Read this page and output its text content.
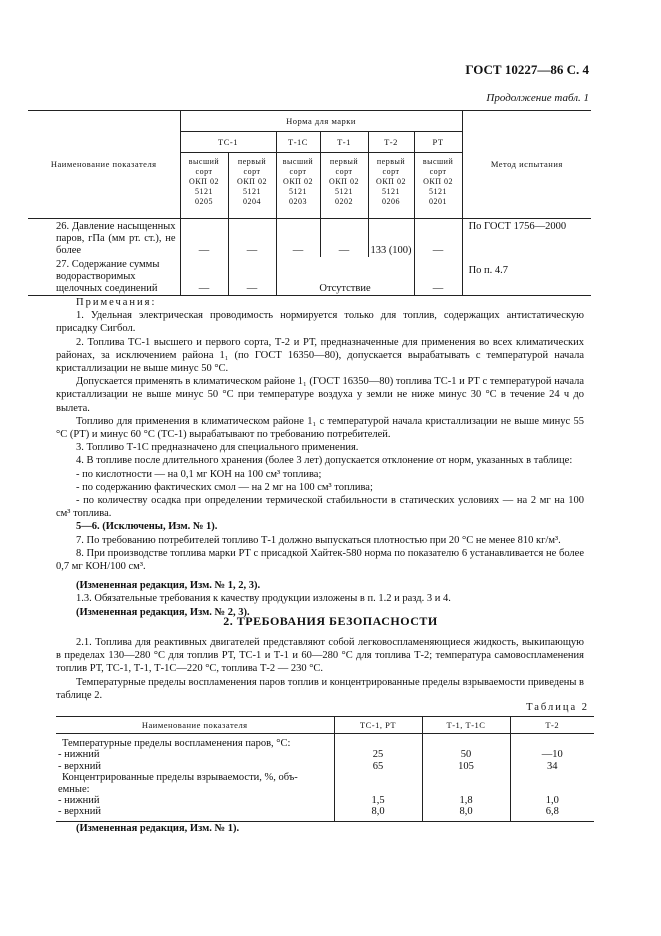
ГОСТ 10227—86 С. 4
Продолжение табл. 1
Наименование показателя	Норма для марки						Метод испытания
	ТС-1		Т-1С	Т-1	Т-2	РТ	
	высший
сорт
ОКП 02
5121
0205	первый
сорт
ОКП 02
5121
0204	высший
сорт
ОКП 02
5121
0203	первый
сорт
ОКП 02
5121
0202	первый
сорт
ОКП 02
5121
0206	высший
сорт
ОКП 02
5121
0201	
26. Давление насыщенных паров, гПа (мм рт. ст.), не более	—	—	—	—	133 (100)	—	По ГОСТ 1756—2000
27. Содержание суммы водорастворимых щелочных соединений	—	—	Отсутствие			—	По п. 4.7

Примечания:

1. Удельная электрическая проводимость нормируется только для топлив, содержащих антистатическую присадку Сигбол.

2. Топлива ТС-1 высшего и первого сорта, Т-2 и РТ, предназначенные для применения во всех климатических районах, за исключением района 1₁ (по ГОСТ 16350—80), допускается вырабатывать с температурой начала кристаллизации не выше минус 50 °С.

Допускается применять в климатическом районе 1₁ (ГОСТ 16350—80) топлива ТС-1 и РТ с температурой начала кристаллизации не выше минус 50 °С при температуре воздуха у земли не ниже минус 30 °С в течение 24 ч до вылета.

Топливо для применения в климатическом районе 1₁ с температурой начала кристаллизации не выше минус 55 °С (РТ) и минус 60 °С (ТС-1) вырабатывают по требованию потребителей.

3. Топливо Т-1С предназначено для специального применения.

4. В топливе после длительного хранения (более 3 лет) допускается отклонение от норм, указанных в таблице:

- по кислотности — на 0,1 мг КОН на 100 см³ топлива;

- по содержанию фактических смол — на 2 мг на 100 см³ топлива;

- по количеству осадка при определении термической стабильности в статических условиях — на 2 мг на 100 см³ топлива.

5—6. (Исключены, Изм. № 1).

7. По требованию потребителей топливо Т-1 должно выпускаться плотностью при 20 °С не менее 810 кг/м³.

8. При производстве топлива марки РТ с присадкой Хайтек-580 норма по показателю 6 устанавливается не более 0,7 мг КОН/100 см³.

(Измененная редакция, Изм. № 1, 2, 3).

1.3. Обязательные требования к качеству продукции изложены в п. 1.2 и разд. 3 и 4.

(Измененная редакция, Изм. № 2, 3).

2. ТРЕБОВАНИЯ БЕЗОПАСНОСТИ

2.1. Топлива для реактивных двигателей представляют собой легковоспламеняющиеся жидкость, выкипающую в пределах 130—280 °С для топлив РТ, ТС-1 и Т-1 и 60—280 °С для топлива Т-2; температура самовоспламенения топлив РТ, ТС-1, Т-1, Т-1С—220 °С, топлива Т-2 — 230 °С.

Температурные пределы воспламенения паров топлив и концентрированные пределы взрываемости приведены в таблице 2.

Таблица 2
Наименование показателя	ТС-1, РТ	Т-1, Т-1С	Т-2
Температурные пределы воспламенения паров, °С:			
- нижний	25	50	—10
- верхний	65	105	34
Концентрированные пределы взрываемости, %, объ-			
емные:			
- нижний	1,5	1,8	1,0
- верхний	8,0	8,0	6,8
(Измененная редакция, Изм. № 1).
